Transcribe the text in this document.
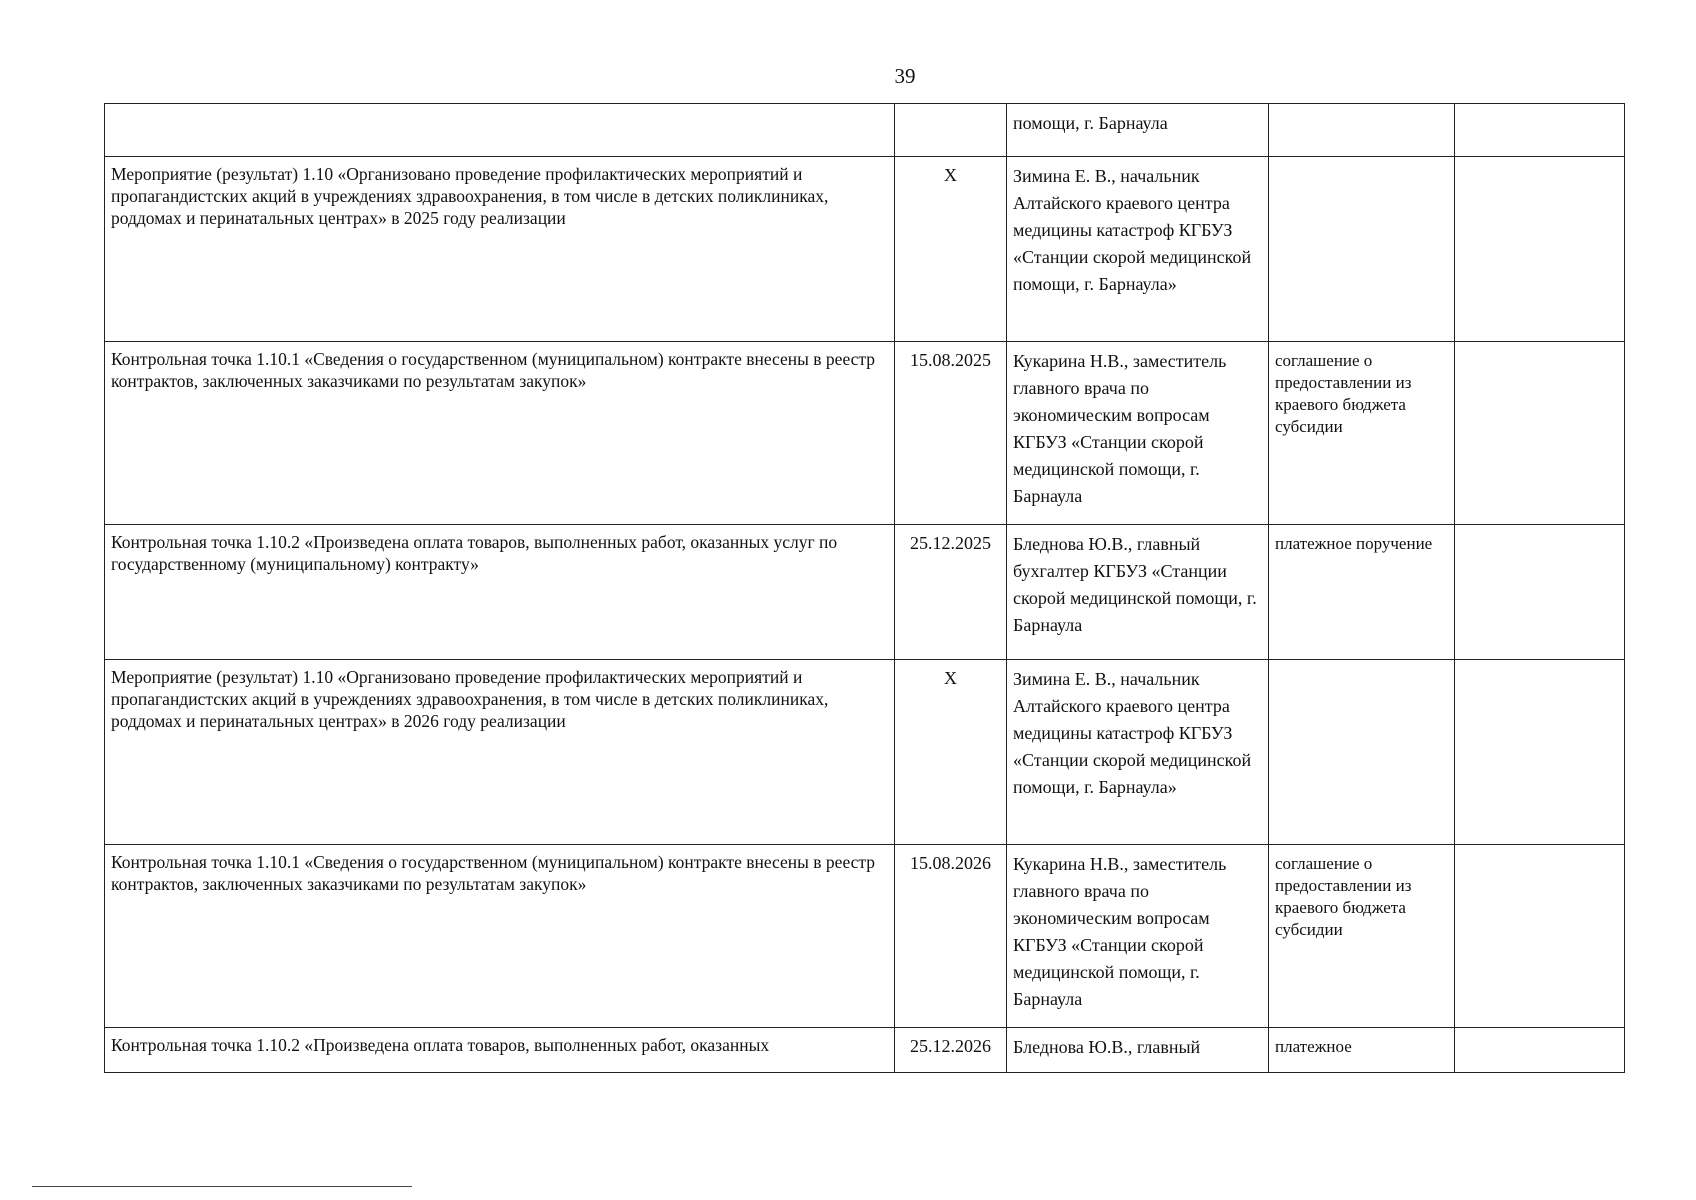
39
		помощи, г. Барнаула		
Мероприятие (результат) 1.10 «Организовано проведение профилактических мероприятий и пропагандистских акций в учреждениях здравоохранения, в том числе в детских поликлиниках, роддомах и перинатальных центрах» в 2025 году реализации	Х	Зимина Е. В., начальник Алтайского краевого центра медицины катастроф КГБУЗ «Станции скорой медицинской помощи, г. Барнаула»		
Контрольная точка 1.10.1 «Сведения о государственном (муниципальном) контракте внесены в реестр контрактов, заключенных заказчиками по результатам закупок»	15.08.2025	Кукарина Н.В., заместитель главного врача по экономическим вопросам КГБУЗ «Станции скорой медицинской помощи, г. Барнаула	соглашение о предоставлении из краевого бюджета субсидии	
Контрольная точка 1.10.2 «Произведена оплата товаров, выполненных работ, оказанных услуг по государственному (муниципальному) контракту»	25.12.2025	Бледнова Ю.В., главный бухгалтер КГБУЗ «Станции скорой медицинской помощи, г. Барнаула	платежное поручение	
Мероприятие (результат) 1.10 «Организовано проведение профилактических мероприятий и пропагандистских акций в учреждениях здравоохранения, в том числе в детских поликлиниках, роддомах и перинатальных центрах» в 2026 году реализации	Х	Зимина Е. В., начальник Алтайского краевого центра медицины катастроф КГБУЗ «Станции скорой медицинской помощи, г. Барнаула»		
Контрольная точка 1.10.1 «Сведения о государственном (муниципальном) контракте внесены в реестр контрактов, заключенных заказчиками по результатам закупок»	15.08.2026	Кукарина Н.В., заместитель главного врача по экономическим вопросам КГБУЗ «Станции скорой медицинской помощи, г. Барнаула	соглашение о предоставлении из краевого бюджета субсидии	
Контрольная точка 1.10.2 «Произведена оплата товаров, выполненных работ, оказанных	25.12.2026	Бледнова Ю.В., главный	платежное	
